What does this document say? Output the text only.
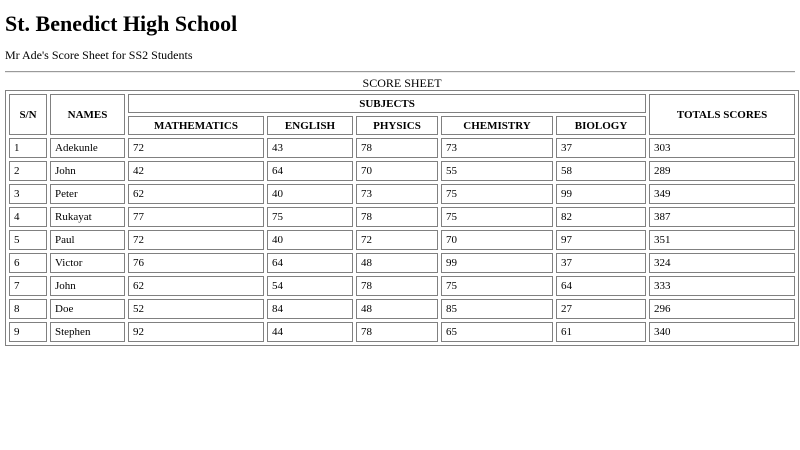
St. Benedict High School

Mr Ade's Score Sheet for SS2 Students

SCORE SHEET
S/N	NAMES	SUBJECTS					TOTALS SCORES
		MATHEMATICS	ENGLISH	PHYSICS	CHEMISTRY	BIOLOGY	
1	Adekunle	72	43	78	73	37	303
2	John	42	64	70	55	58	289
3	Peter	62	40	73	75	99	349
4	Rukayat	77	75	78	75	82	387
5	Paul	72	40	72	70	97	351
6	Victor	76	64	48	99	37	324
7	John	62	54	78	75	64	333
8	Doe	52	84	48	85	27	296
9	Stephen	92	44	78	65	61	340
